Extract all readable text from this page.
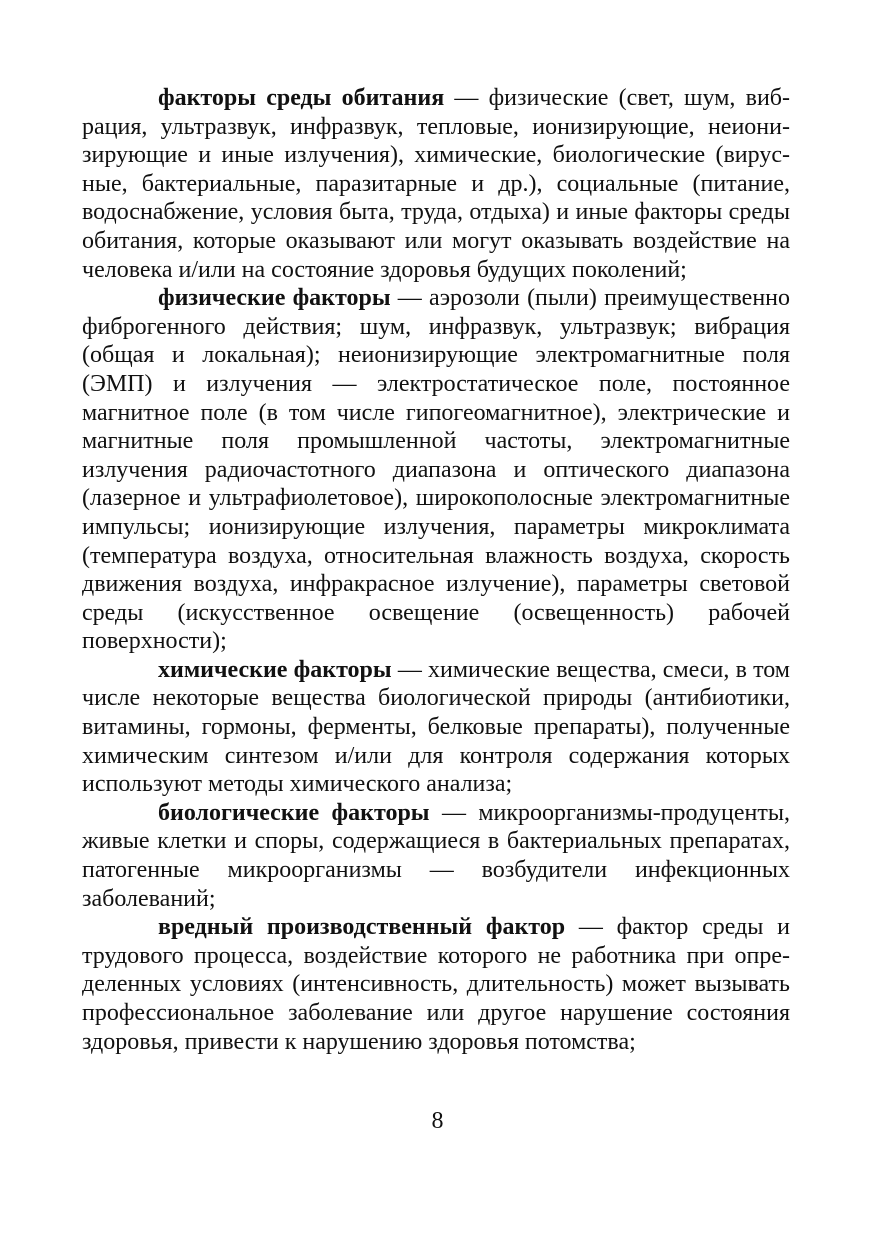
факторы среды обитания — физические (свет, шум, вибрация, ультразвук, инфразвук, тепловые, ионизирующие, неионизирующие и иные излучения), химические, биологические (вирусные, бактериальные, паразитарные и др.), социальные (питание, водоснабжение, условия быта, труда, отдыха) и иные факторы среды обитания, которые оказывают или могут оказывать воздействие на человека и/или на состояние здоровья будущих поколений;

физические факторы — аэрозоли (пыли) преимущественно фиброгенного действия; шум, инфразвук, ультразвук; вибрация (общая и локальная); неионизирующие электромагнитные поля (ЭМП) и излучения — электростатическое поле, постоянное магнитное поле (в том числе гипогеомагнитное), электрические и магнитные поля промышленной частоты, электромагнитные излучения радиочастотного диапазона и оптического диапазона (лазерное и ультрафиолетовое), широкополосные электромагнитные импульсы; ионизирующие излучения, параметры микроклимата (температура воздуха, относительная влажность воздуха, скорость движения воздуха, инфракрасное излучение), параметры световой среды (искусственное освещение (освещенность) рабочей поверхности);

химические факторы — химические вещества, смеси, в том числе некоторые вещества биологической природы (антибиотики, витамины, гормоны, ферменты, белковые препараты), полученные химическим синтезом и/или для контроля содержания которых используют методы химического анализа;

биологические факторы — микроорганизмы-продуценты, живые клетки и споры, содержащиеся в бактериальных препаратах, патогенные микроорганизмы — возбудители инфекционных заболеваний;

вредный производственный фактор — фактор среды и трудового процесса, воздействие которого не работника при определенных условиях (интенсивность, длительность) может вызывать профессиональное заболевание или другое нарушение состояния здоровья, привести к нарушению здоровья потомства;

8
